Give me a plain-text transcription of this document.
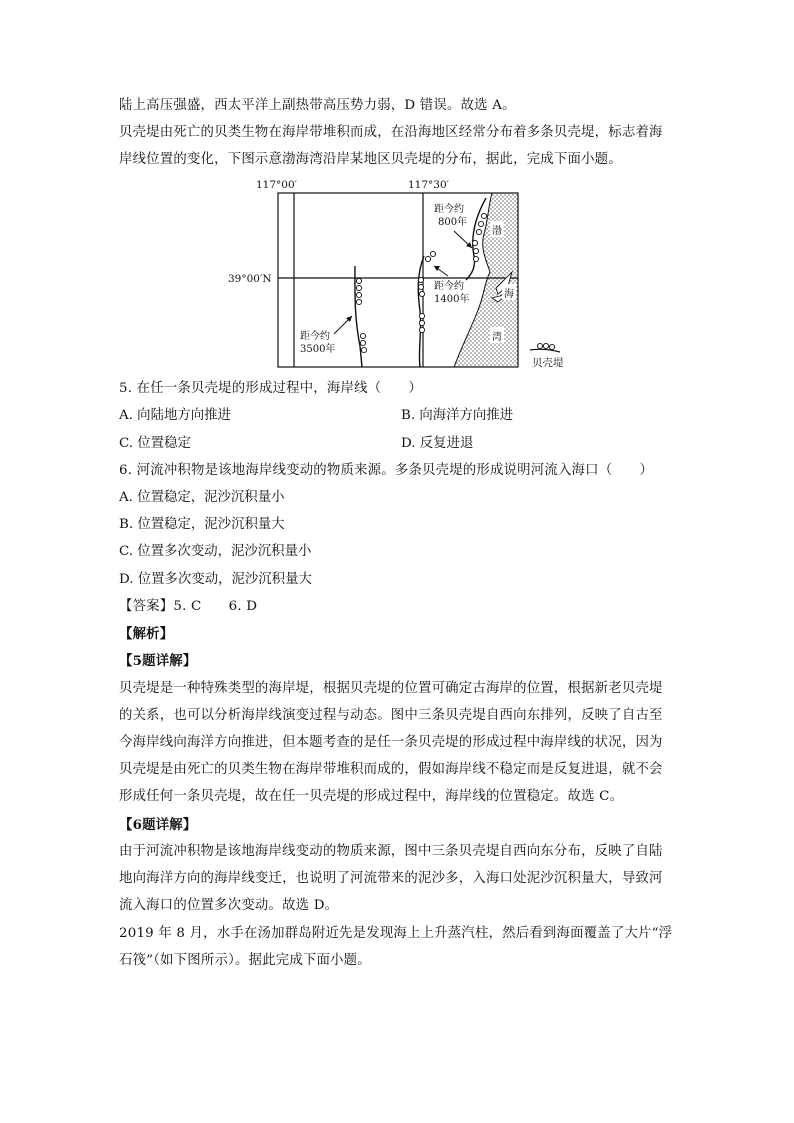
陆上高压强盛，西太平洋上副热带高压势力弱，D 错误。故选 A。
贝壳堤由死亡的贝类生物在海岸带堆积而成，在沿海地区经常分布着多条贝壳堤，标志着海
岸线位置的变化，下图示意渤海湾沿岸某地区贝壳堤的分布，据此，完成下面小题。
117°00′	117°30′
39°00′N
渤
海
湾
距今约
800年
距今约
1400年
距今约
3500年
贝壳堤
5. 在任一条贝壳堤的形成过程中，海岸线（　　）
A. 向陆地方向推进	B. 向海洋方向推进
C. 位置稳定	D. 反复进退
6. 河流冲积物是该地海岸线变动的物质来源。多条贝壳堤的形成说明河流入海口（　　）
A. 位置稳定，泥沙沉积量小
B. 位置稳定，泥沙沉积量大
C. 位置多次变动，泥沙沉积量小
D. 位置多次变动，泥沙沉积量大
【答案】5. C　　6. D
【解析】
【5题详解】
贝壳堤是一种特殊类型的海岸堤，根据贝壳堤的位置可确定古海岸的位置，根据新老贝壳堤
的关系，也可以分析海岸线演变过程与动态。图中三条贝壳堤自西向东排列，反映了自古至
今海岸线向海洋方向推进，但本题考查的是任一条贝壳堤的形成过程中海岸线的状况，因为
贝壳堤是由死亡的贝类生物在海岸带堆积而成的，假如海岸线不稳定而是反复进退，就不会
形成任何一条贝壳堤，故在任一贝壳堤的形成过程中，海岸线的位置稳定。故选 C。
【6题详解】
由于河流冲积物是该地海岸线变动的物质来源，图中三条贝壳堤自西向东分布，反映了自陆
地向海洋方向的海岸线变迁，也说明了河流带来的泥沙多，入海口处泥沙沉积量大，导致河
流入海口的位置多次变动。故选 D。
2019 年 8 月，水手在汤加群岛附近先是发现海上上升蒸汽柱，然后看到海面覆盖了大片“浮
石筏”（如下图所示）。据此完成下面小题。
